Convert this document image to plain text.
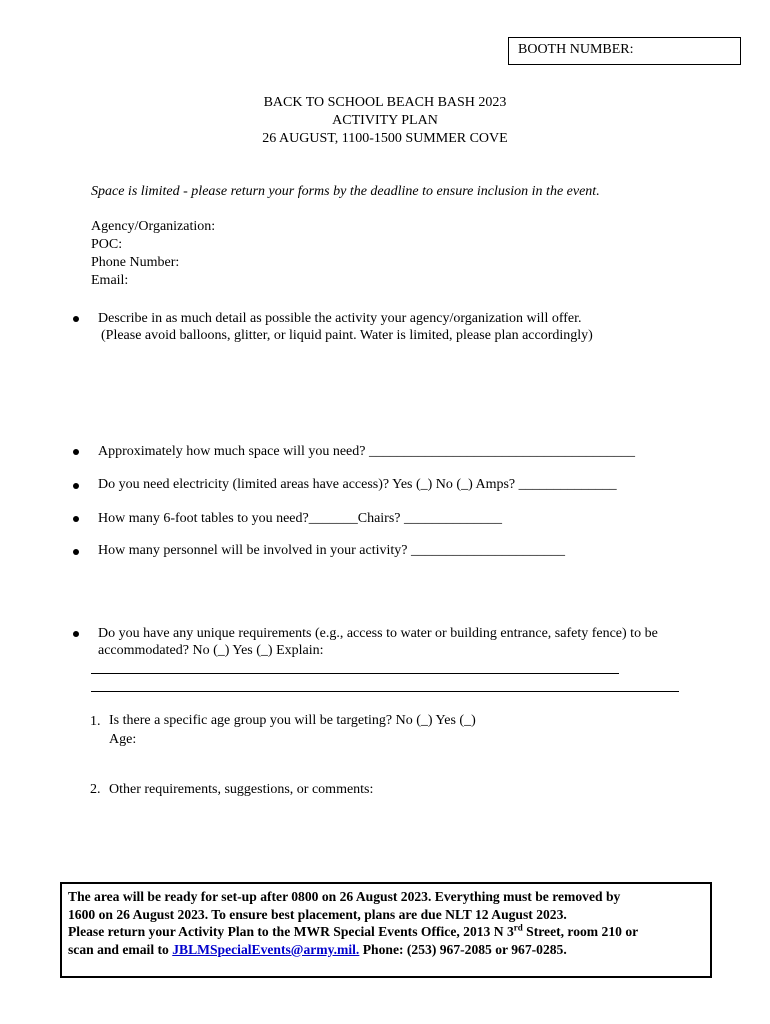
BOOTH NUMBER:
BACK TO SCHOOL BEACH BASH 2023
ACTIVITY PLAN
26 AUGUST, 1100-1500 SUMMER COVE
Space is limited - please return your forms by the deadline to ensure inclusion in the event.
Agency/Organization:
POC:
Phone Number:
Email:
Describe in as much detail as possible the activity your agency/organization will offer.
(Please avoid balloons, glitter, or liquid paint. Water is limited, please plan accordingly)
Approximately how much space will you need? ______________________________________
Do you need electricity (limited areas have access)? Yes (_) No (_) Amps? ______________
How many 6-foot tables to you need?_______Chairs? ______________
How many personnel will be involved in your activity? ______________________
Do you have any unique requirements (e.g., access to water or building entrance, safety fence) to be
accommodated? No (_) Yes (_) Explain:
1. Is there a specific age group you will be targeting? No (_) Yes (_)
Age:
2. Other requirements, suggestions, or comments:

The area will be ready for set-up after 0800 on 26 August 2023. Everything must be removed by

1600 on 26 August 2023. To ensure best placement, plans are due NLT 12 August 2023.

Please return your Activity Plan to the MWR Special Events Office, 2013 N 3rd Street, room 210 or

scan and email to JBLMSpecialEvents@army.mil. Phone: (253) 967-2085 or 967-0285.
